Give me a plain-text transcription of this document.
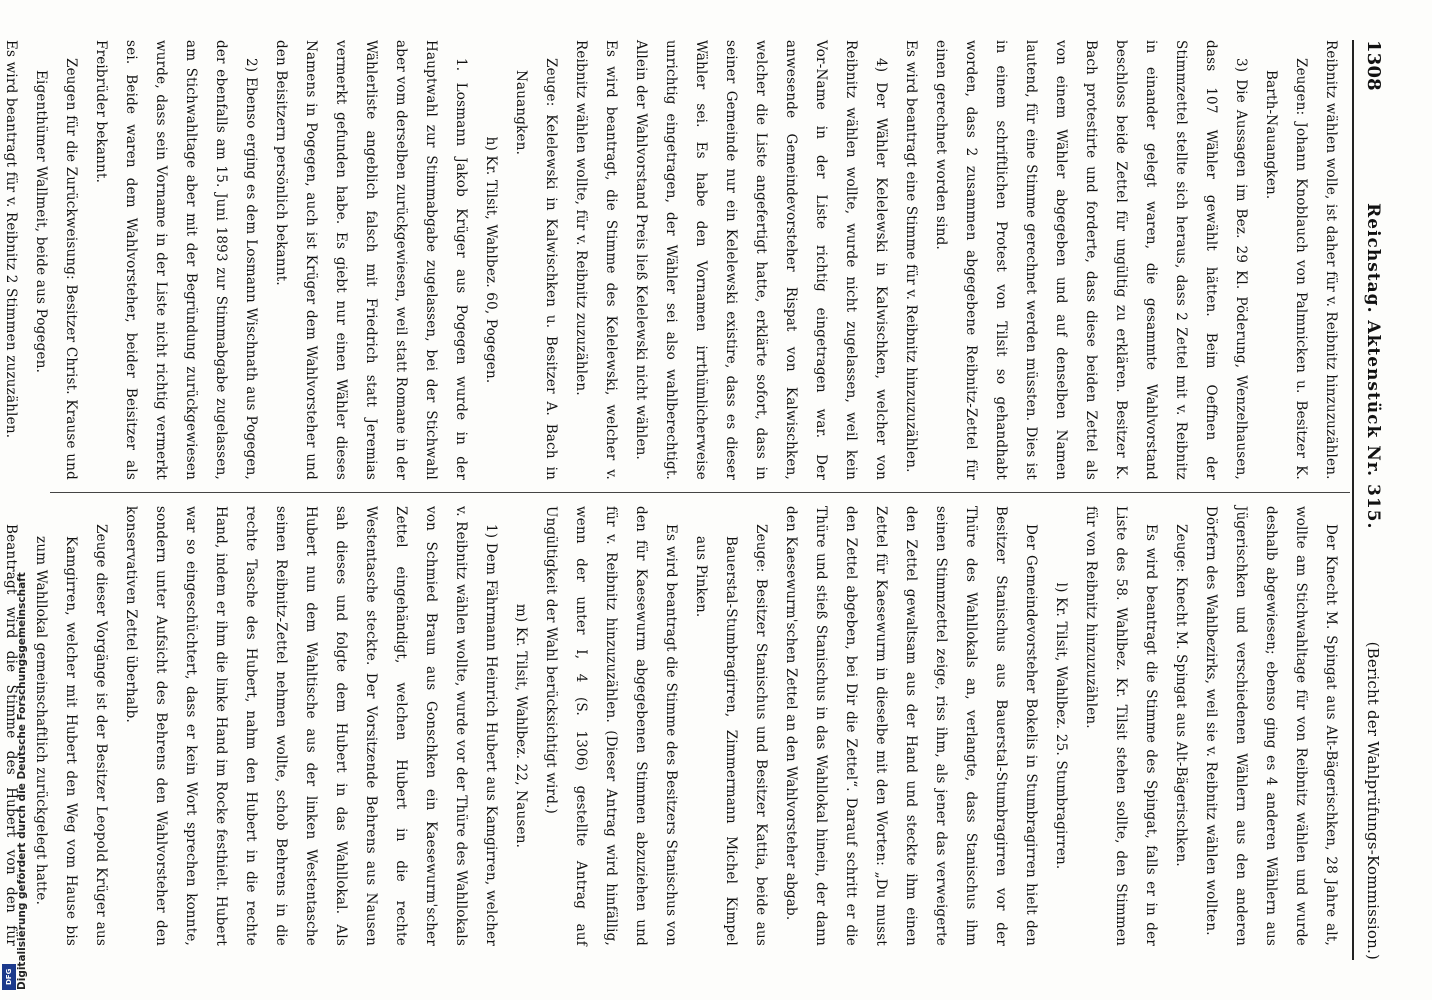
1308
Reichstag. Aktenstück Nr. 315.
(Bericht der Wahlprüfungs-Kommission.)

Reibnitz wählen wolle, ist daher für v. Reibnitz hinzuzuzählen.

Zeugen: Johann Knoblauch von Palmnicken u. Besitzer K. Barth-Nauangken.

3) Die Aussagen im Bez. 29 Kl. Pöderung, Wenzelhausen, dass 107 Wähler gewählt hätten. Beim Oeffnen der Stimmzettel stellte sich heraus, dass 2 Zettel mit v. Reibnitz in einander gelegt waren, die gesammte Wahlvorstand beschloss beide Zettel für ungültig zu erklären. Besitzer K. Bach protestirte und forderte, dass diese beiden Zettel als von einem Wähler abgegeben und auf denselben Namen lautend, für eine Stimme gerechnet werden müssten. Dies ist in einem schriftlichen Protest von Tilsit so gehandhabt worden, dass 2 zusammen abgegebene Reibnitz-Zettel für einen gerechnet worden sind.

Es wird beantragt eine Stimme für v. Reibnitz hinzuzuzählen.

4) Der Wähler Kelelewski in Kalwischken, welcher von Reibnitz wählen wollte, wurde nicht zugelassen, weil kein Vor-Name in der Liste richtig eingetragen war. Der anwesende Gemeindevorsteher Rispat von Kalwischken, welcher die Liste angefertigt hatte, erklärte sofort, dass in seiner Gemeinde nur ein Kelelewski existire, dass es dieser Wähler sei. Es habe den Vornamen irrthümlicherweise unrichtig eingetragen, der Wähler sei also wahlberechtigt. Allein der Wahlvorstand Preis ließ Kelelewski nicht wählen.

Es wird beantragt, die Stimme des Kelelewski, welcher v. Reibnitz wählen wollte, für v. Reibnitz zuzuzählen.

Zeuge: Kelelewski in Kalwischken u. Besitzer A. Bach in Nauangken.

h) Kr. Tilsit, Wahlbez. 60, Pogegen.

1. Losmann Jakob Krüger aus Pogegen wurde in der Hauptwahl zur Stimmabgabe zugelassen, bei der Stichwahl aber vom derselben zurückgewiesen, weil statt Romane in der Wählerliste angeblich falsch mit Friedrich statt Jeremias vermerkt gefunden habe. Es giebt nur einen Wähler dieses Namens in Pogegen, auch ist Krüger dem Wahlvorsteher und den Beisitzern persönlich bekannt.

2) Ebenso erging es dem Losmann Wischnath aus Pogegen, der ebenfalls am 15. Juni 1893 zur Stimmabgabe zugelassen, am Stichwahltage aber mit der Begründung zurückgewiesen wurde, dass sein Vorname in der Liste nicht richtig vermerkt sei. Beide waren dem Wahlvorsteher, beider Beisitzer als Freibrüder bekannt.

Zeugen für die Zurückweisung: Besitzer Christ. Krause und Eigenthümer Wallmeit, beide aus Pogegen.

Es wird beantragt für v. Reibnitz 2 Stimmen zuzuzählen.

Der Knecht M. Spingat aus Alt-Bägerischken, 28 Jahre alt, wollte am Stichwahltage für von Reibnitz wählen und wurde deshalb abgewiesen; ebenso ging es 4 anderen Wählern aus Jügerischken und verschiedenen Wählern aus den anderen Dörfern des Wahlbezirks, weil sie v. Reibnitz wählen wollten.

Zeuge: Knecht M. Spingat aus Alt-Bägerischken.

Es wird beantragt die Stimme des Spingat, falls er in der Liste des 58. Wahlbez. Kr. Tilsit stehen sollte, den Stimmen für von Reibnitz hinzuzuzählen.

l) Kr. Tilsit, Wahlbez. 25. Stumbragirren.

Der Gemeindevorsteher Bokelis in Stumbragirren hielt den Besitzer Stanischus aus Bauerstal-Stumbragirren vor der Thüre des Wahllokals an, verlangte, dass Stanischus ihm seinen Stimmzettel zeige, riss ihm, als jener das verweigerte den Zettel gewaltsam aus der Hand und steckte ihm einen Zettel für Kaesewurm in dieselbe mit den Worten: „Du musst den Zettel abgeben, bei Dir die Zettel“. Darauf schritt er die Thüre und stieß Stanischus in das Wahllokal hinein, der dann den Kaesewurm'schen Zettel an den Wahlvorsteher abgab.

Zeuge: Besitzer Stanischus und Besitzer Kattia, beide aus Bauerstal-Stumbragirren, Zimmermann Michel Kimpel aus Pinken.

Es wird beantragt die Stimme des Besitzers Stanischus von den für Kaesewurm abgegebenen Stimmen abzuziehen und für v. Reibnitz hinzuzuzählen. (Dieser Antrag wird hinfällig, wenn der unter I, 4 (S. 1306) gestellte Antrag auf Ungültigkeit der Wahl berücksichtigt wird.)

m) Kr. Tilsit, Wahlbez. 22, Nausen.

1) Dem Fährmann Heinrich Hubert aus Kamgirren, welcher v. Reibnitz wählen wollte, wurde vor der Thüre des Wahllokals von Schmied Braun aus Gonschken ein Kaesewurm'scher Zettel eingehändigt, welchen Hubert in die rechte Westentasche steckte. Der Vorsitzende Behrens aus Nausen sah dieses und folgte dem Hubert in das Wahllokal. Als Hubert nun dem Wahltische aus der linken Westentasche seinen Reibnitz-Zettel nehmen wollte, schob Behrens in die rechte Tasche des Hubert, nahm den Hubert in die rechte Hand, indem er ihm die linke Hand im Rocke festhielt. Hubert war so eingeschüchtert, dass er kein Wort sprechen konnte, sondern unter Aufsicht des Behrens den Wahlvorsteher den konservativen Zettel überhalb.

Zeuge dieser Vorgänge ist der Besitzer Leopold Krüger aus Kamgirren, welcher mit Hubert den Weg vom Hause bis zum Wahllokal gemeinschaftlich zurückgelegt hatte.

Beantragt wird die Stimme des Hubert von den für

Digitalisierung gefördert durch die Deutsche Forschungsgemeinschaft
DFG
